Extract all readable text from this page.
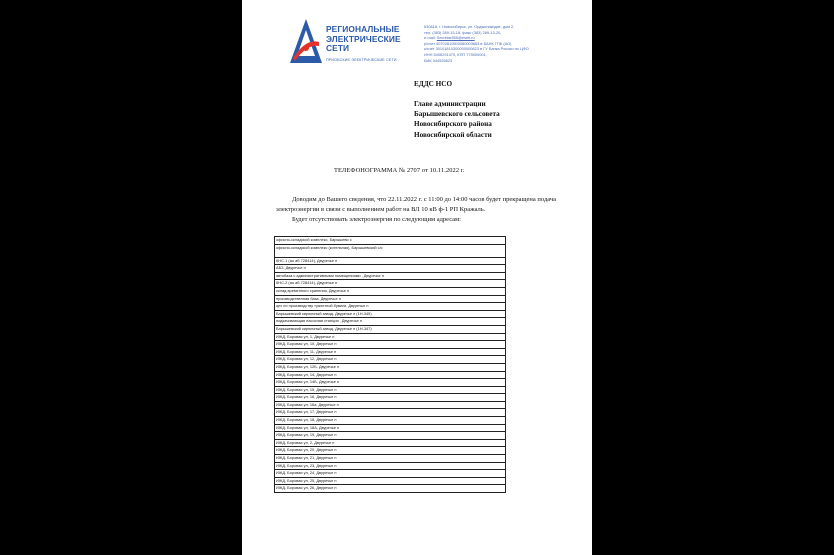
РЕГИОНАЛЬНЫЕ
ЭЛЕКТРИЧЕСКИЕ
СЕТИ
ПРИОБСКИЕ ЭЛЕКТРИЧЕСКИЕ СЕТИ
630818, г. Новосибирск, ул. Орджоникидзе, дом 2,
тел. (383) 289-13-18, факс (383) 289-13-20,
e-mail: Secretar855@eseti.ru
р/счет 40702810500080003663 в БАНК ГПБ (АО)
к/счет 30101810300000000823 в ГУ Банка России по ЦФО
ИНН 5406291470, КПП 775000001,
БИК 044525823
ЕДДС НСО
Главе администрации
Барышевского сельсовета
Новосибирского района
Новосибирской области
ТЕЛЕФОНОГРАММА № 2707 от 10.11.2022 г.

Доводим до Вашего сведения, что 22.11.2022 г. с 11:00 до 14:00 часов будет прекращена подача электроэнергии в связи с выполнением работ на ВЛ 10 кВ ф-1 РП Кражаль.

Будет отсутствовать электроэнергия по следующим адресам:

офисно-складской комплекс, Барышево с
офисно-складской комплекс (котельная), Барышевский с/с
КНС-1 (ао аб.728414), Двуречье п
АБЗ, Двуречье п
автобаза с административными помещениями , Двуречье п
КНС-2 (ао аб.728414), Двуречье п
склад временного хранения, Двуречье п
производственная база, Двуречье п
цех по производству туалетной бумаги, Двуречье п
Барышевский кирпичный завод, Двуречье п (1Н-345)
подкачивающая насосная станция , Двуречье п
Барышевский кирпичный завод, Двуречье п (1Н-347)
ИЖД, Боровая ул, 1, Двуречье п
ИЖД, Боровая ул, 10, Двуречье п
ИЖД, Боровая ул, 11, Двуречье п
ИЖД, Боровая ул, 12, Двуречье п
ИЖД, Боровая ул, 12Б, Двуречье п
ИЖД, Боровая ул, 14, Двуречье п
ИЖД, Боровая ул, 14Б, Двуречье п
ИЖД, Боровая ул, 15, Двуречье п
ИЖД, Боровая ул, 16, Двуречье п
ИЖД, Боровая ул, 16а, Двуречье п
ИЖД, Боровая ул, 17, Двуречье п
ИЖД, Боровая ул, 18, Двуречье п
ИЖД, Боровая ул, 18А, Двуречье п
ИЖД, Боровая ул, 19, Двуречье п
ИЖД, Боровая ул, 2, Двуречье п
ИЖД, Боровая ул, 20, Двуречье п
ИЖД, Боровая ул, 21, Двуречье п
ИЖД, Боровая ул, 23, Двуречье п
ИЖД, Боровая ул, 24, Двуречье п
ИЖД, Боровая ул, 25, Двуречье п
ИЖД, Боровая ул, 26, Двуречье п
